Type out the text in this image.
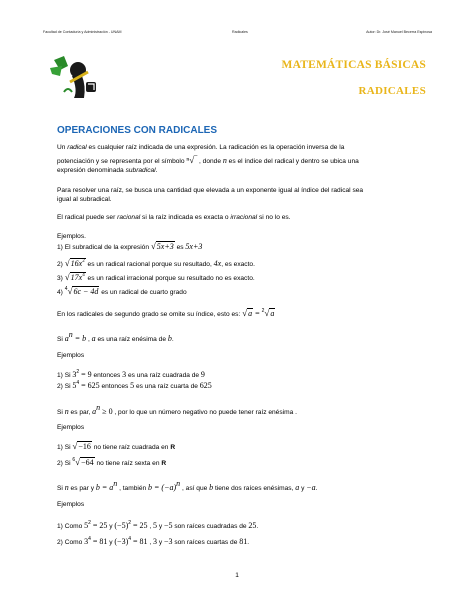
Facultad de Contaduría y Administración - UNAM	Radicales	Autor: Dr. José Manuel Becerra Espinosa
MATEMÁTICAS BÁSICAS
RADICALES
OPERACIONES CON RADICALES
Un radical es cualquier raíz indicada de una expresión. La radicación es la operación inversa de la
potenciación y se representa por el símbolo ⁿ√‾ , donde n es el índice del radical y dentro se ubica una
expresión denominada subradical.
Para resolver una raíz, se busca una cantidad que elevada a un exponente igual al índice del radical sea
igual al subradical.
El radical puede ser racional si la raíz indicada es exacta o irracional si no lo es.
Ejemplos.
1) El subradical de la expresión √5x+3 es 5x+3
2) $√16x^2$ es un radical racional porque su resultado, 4x, es exacto.
3) $√17x^4$ es un radical irracional porque su resultado no es exacto.
4) $^4$√6c − 4d es un radical de cuarto grado
En los radicales de segundo grado se omite su índice, esto es: √a = $^2$√a
Si $a^n = b$ , a es una raíz enésima de b.
Ejemplos
1) Si $3^2 = 9$ entonces 3 es una raíz cuadrada de 9
2) Si $5^4 = 625$ entonces 5 es una raíz cuarta de 625
Si n es par, $a^n \ge 0$ , por lo que un número negativo no puede tener raíz enésima .
Ejemplos
1) Si √−16 no tiene raíz cuadrada en R
2) Si $^6$√−64 no tiene raíz sexta en R
Si n es par y $b = a^n$ , también $b = (-a)^n$ , así que b tiene dos raíces enésimas, a y −a.
Ejemplos
1) Como $5^2 = 25$ y $(-5)^2 = 25$ , 5 y −5 son raíces cuadradas de 25.
2) Como $3^4 = 81$ y $(-3)^4 = 81$ , 3 y −3 son raíces cuartas de 81.
1
